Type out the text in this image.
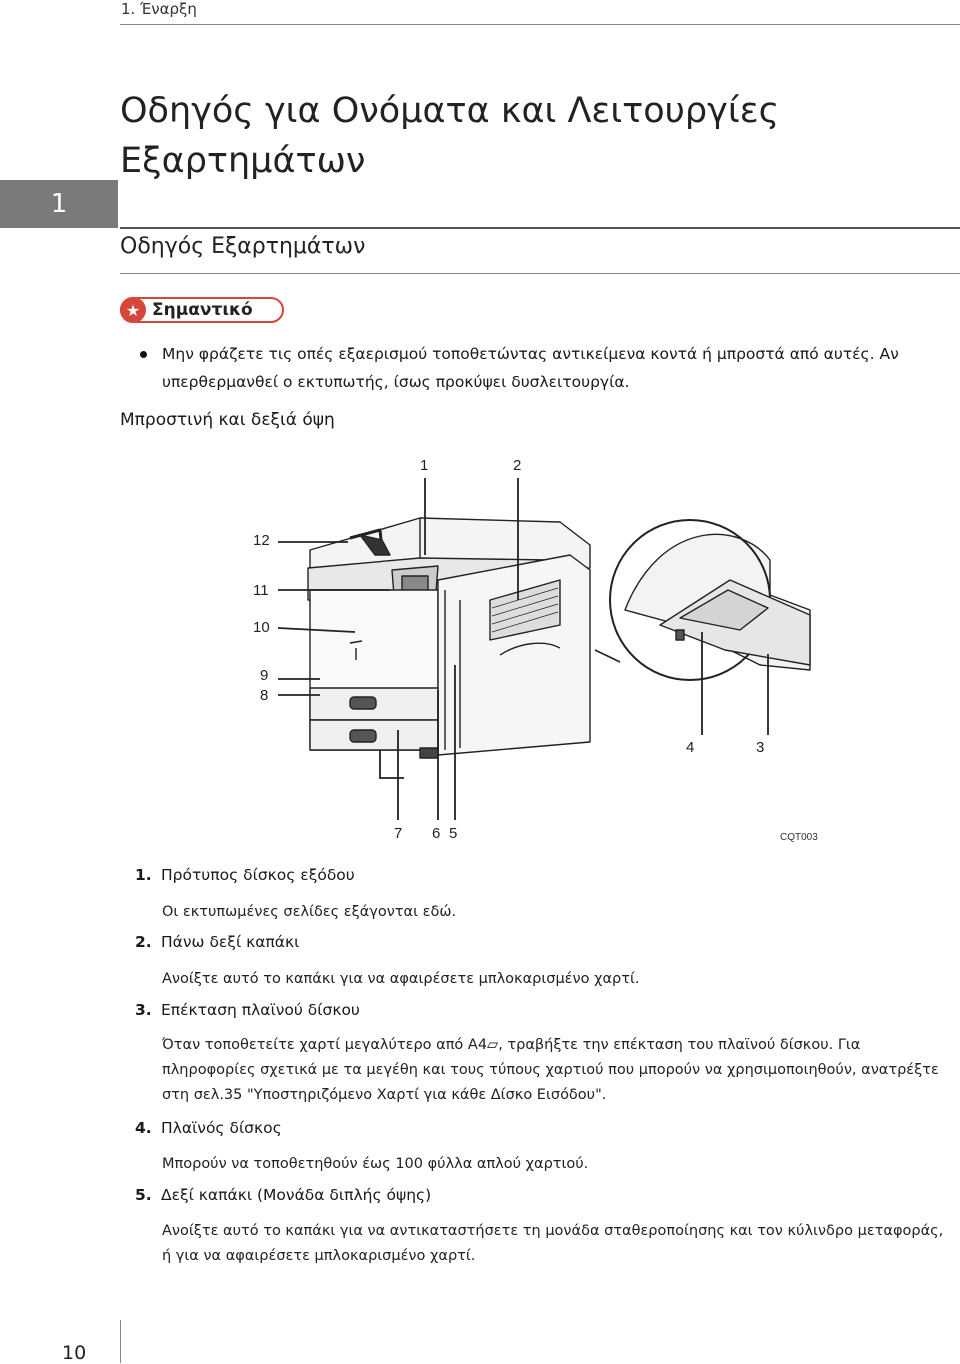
1. Έναρξη
1
Οδηγός για Ονόματα και Λειτουργίες Εξαρτημάτων
Οδηγός Εξαρτημάτων
★ Σημαντικό
Μην φράζετε τις οπές εξαερισμού τοποθετώντας αντικείμενα κοντά ή μπροστά από αυτές. Αν υπερθερμανθεί ο εκτυπωτής, ίσως προκύψει δυσλειτουργία.
Μπροστινή και δεξιά όψη
1	2
12
11
10
9
8
4	3
7 6 5	CQT003
1. Πρότυπος δίσκος εξόδου
Οι εκτυπωμένες σελίδες εξάγονται εδώ.
2. Πάνω δεξί καπάκι
Ανοίξτε αυτό το καπάκι για να αφαιρέσετε μπλοκαρισμένο χαρτί.
3. Επέκταση πλαϊνού δίσκου
Όταν τοποθετείτε χαρτί μεγαλύτερο από A4▱, τραβήξτε την επέκταση του πλαϊνού δίσκου. Για πληροφορίες σχετικά με τα μεγέθη και τους τύπους χαρτιού που μπορούν να χρησιμοποιηθούν, ανατρέξτε στη σελ.35 "Υποστηριζόμενο Χαρτί για κάθε Δίσκο Εισόδου".
4. Πλαϊνός δίσκος
Μπορούν να τοποθετηθούν έως 100 φύλλα απλού χαρτιού.
5. Δεξί καπάκι (Μονάδα διπλής όψης)
Ανοίξτε αυτό το καπάκι για να αντικαταστήσετε τη μονάδα σταθεροποίησης και τον κύλινδρο μεταφοράς, ή για να αφαιρέσετε μπλοκαρισμένο χαρτί.
10
